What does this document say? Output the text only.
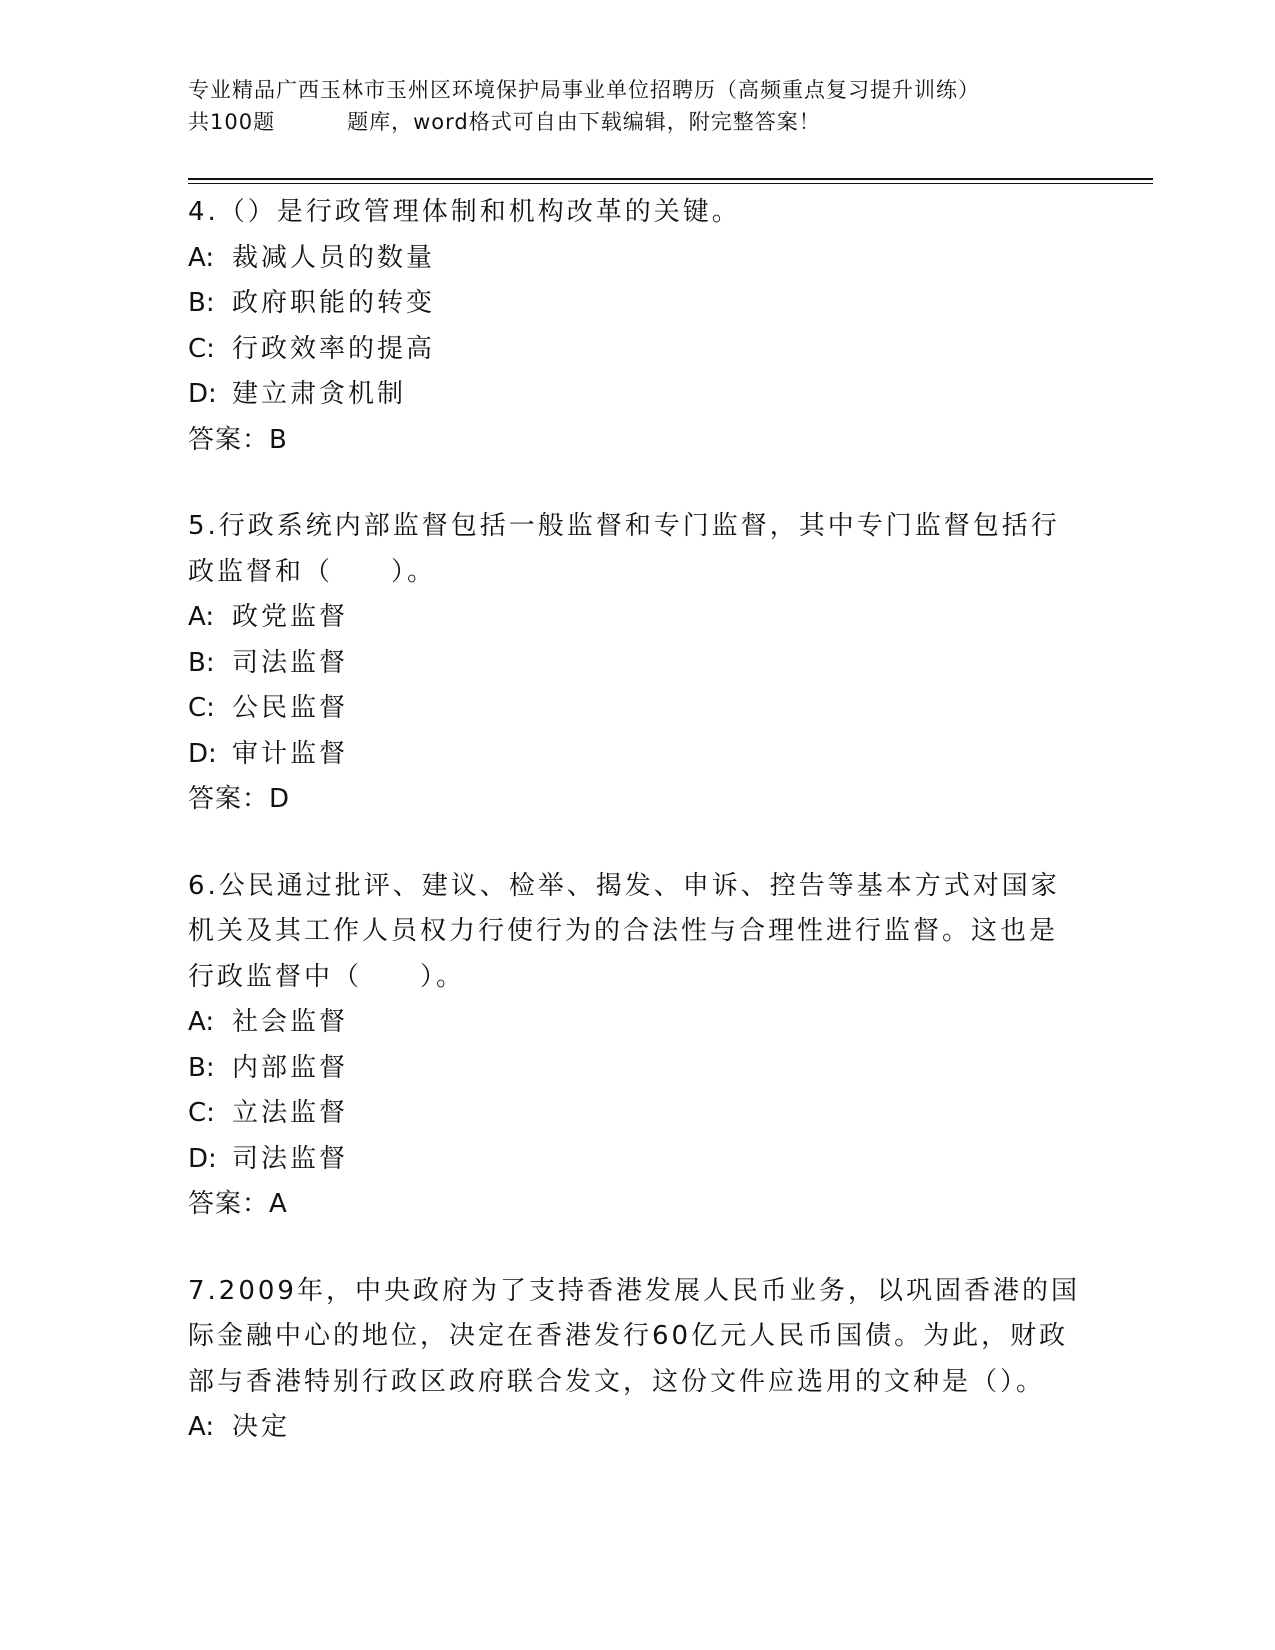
专业精品广西玉林市玉州区环境保护局事业单位招聘历（高频重点复习提升训练）
共100题	题库，word格式可自由下载编辑，附完整答案！
4.（）是行政管理体制和机构改革的关键。
A: 裁减人员的数量
B: 政府职能的转变
C: 行政效率的提高
D: 建立肃贪机制
答案：B
5.行政系统内部监督包括一般监督和专门监督，其中专门监督包括行
政监督和（　　）。
A: 政党监督
B: 司法监督
C: 公民监督
D: 审计监督
答案：D
6.公民通过批评、建议、检举、揭发、申诉、控告等基本方式对国家
机关及其工作人员权力行使行为的合法性与合理性进行监督。这也是
行政监督中（　　）。
A: 社会监督
B: 内部监督
C: 立法监督
D: 司法监督
答案：A
7.2009年，中央政府为了支持香港发展人民币业务，以巩固香港的国
际金融中心的地位，决定在香港发行60亿元人民币国债。为此，财政
部与香港特别行政区政府联合发文，这份文件应选用的文种是（）。
A: 决定
